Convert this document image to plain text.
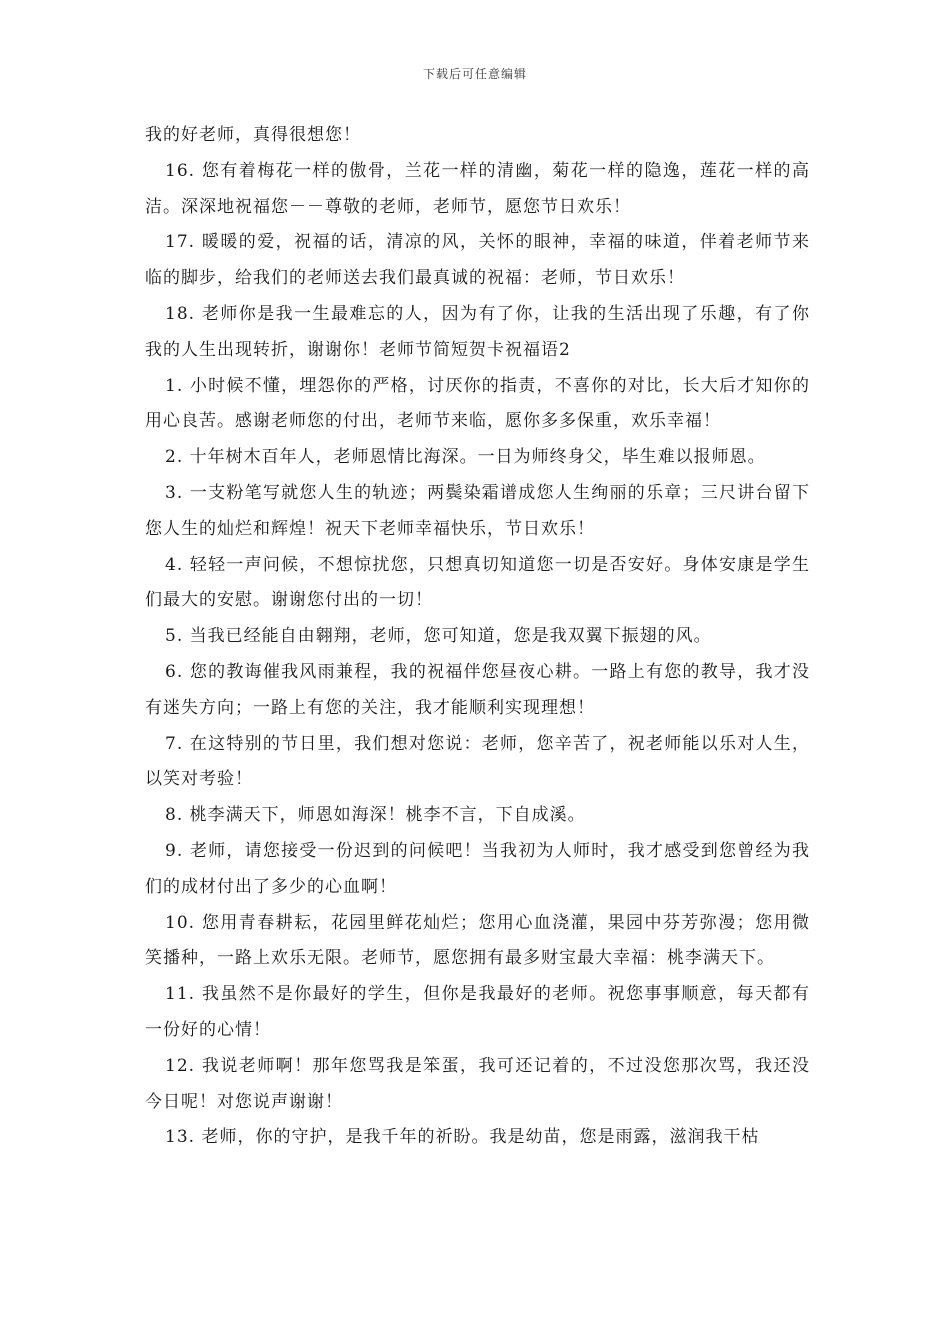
下载后可任意编辑

我的好老师，真得很想您！

16. 您有着梅花一样的傲骨，兰花一样的清幽，菊花一样的隐逸，莲花一样的高洁。深深地祝福您－－尊敬的老师，老师节，愿您节日欢乐！

17. 暖暖的爱，祝福的话，清凉的风，关怀的眼神，幸福的味道，伴着老师节来临的脚步，给我们的老师送去我们最真诚的祝福：老师，节日欢乐！

18. 老师你是我一生最难忘的人，因为有了你，让我的生活出现了乐趣，有了你我的人生出现转折，谢谢你！老师节简短贺卡祝福语2

1. 小时候不懂，埋怨你的严格，讨厌你的指责，不喜你的对比，长大后才知你的用心良苦。感谢老师您的付出，老师节来临，愿你多多保重，欢乐幸福！

2. 十年树木百年人，老师恩情比海深。一日为师终身父，毕生难以报师恩。

3. 一支粉笔写就您人生的轨迹；两鬓染霜谱成您人生绚丽的乐章；三尺讲台留下您人生的灿烂和辉煌！祝天下老师幸福快乐，节日欢乐！

4. 轻轻一声问候，不想惊扰您，只想真切知道您一切是否安好。身体安康是学生们最大的安慰。谢谢您付出的一切！

5. 当我已经能自由翱翔，老师，您可知道，您是我双翼下振翅的风。

6. 您的教诲催我风雨兼程，我的祝福伴您昼夜心耕。一路上有您的教导，我才没有迷失方向；一路上有您的关注，我才能顺利实现理想！

7. 在这特别的节日里，我们想对您说：老师，您辛苦了，祝老师能以乐对人生，以笑对考验！

8. 桃李满天下，师恩如海深！桃李不言，下自成溪。

9. 老师，请您接受一份迟到的问候吧！当我初为人师时，我才感受到您曾经为我们的成材付出了多少的心血啊！

10. 您用青春耕耘，花园里鲜花灿烂；您用心血浇灌，果园中芬芳弥漫；您用微笑播种，一路上欢乐无限。老师节，愿您拥有最多财宝最大幸福：桃李满天下。

11. 我虽然不是你最好的学生，但你是我最好的老师。祝您事事顺意，每天都有一份好的心情！

12. 我说老师啊！那年您骂我是笨蛋，我可还记着的，不过没您那次骂，我还没今日呢！对您说声谢谢！

13. 老师，你的守护，是我千年的祈盼。我是幼苗，您是雨露，滋润我干枯
